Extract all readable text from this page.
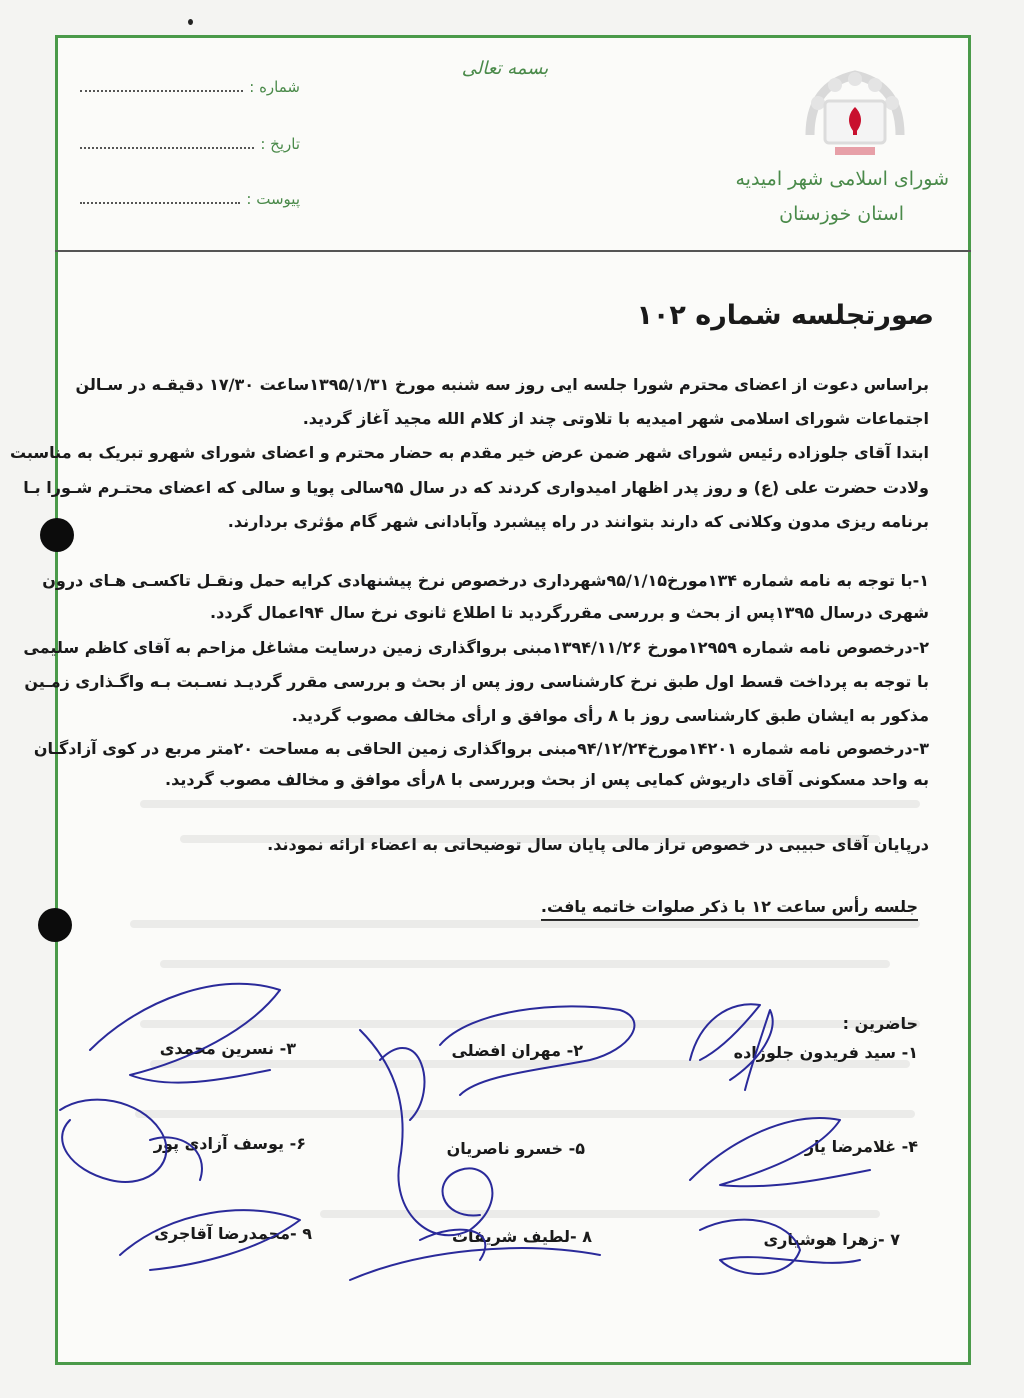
شماره :
تاریخ :
پیوست :
بسمه تعالی
شورای اسلامی شهر امیدیه
استان خوزستان
صورتجلسه شماره ۱۰۲
براساس دعوت از اعضای محترم شورا جلسه ایی روز سه شنبه مورخ ۱۳۹۵/۱/۳۱ساعت ۱۷/۳۰ دقیقـه در سـالن
اجتماعات شورای اسلامی شهر امیدیه با تلاوتی چند از کلام الله مجید آغاز گردید.
ابتدا آقای جلوزاده رئیس شورای شهر ضمن عرض خیر مقدم به حضار محترم و اعضای شورای شهرو تبریک به مناسبت
ولادت حضرت علی (ع) و روز پدر اظهار امیدواری کردند که در سال ۹۵سالی پویا و سالی که اعضای محتـرم شـورا بـا
برنامه ریزی مدون وکلانی که دارند بتوانند در راه پیشبرد وآبادانی شهر گام مؤثری بردارند.
۱-با توجه به نامه شماره ۱۳۴مورخ۹۵/۱/۱۵شهرداری درخصوص نرخ پیشنهادی کرایه حمل ونقـل تاکسـی هـای درون
شهری درسال ۱۳۹۵پس از بحث و بررسی مقررگردید تا اطلاع ثانوی نرخ سال ۹۴اعمال گردد.
۲-درخصوص نامه شماره ۱۲۹۵۹مورخ ۱۳۹۴/۱۱/۲۶مبنی برواگذاری زمین درسایت مشاغل مزاحم به آقای کاظم سلیمی
با توجه به پرداخت قسط اول طبق نرخ کارشناسی روز پس از بحث و بررسی مقرر گردیـد نسـبت بـه واگـذاری زمـین
مذکور به ایشان طبق کارشناسی روز با ۸ رأی موافق و ارأی مخالف مصوب گردید.
۳-درخصوص نامه شماره ۱۴۲۰۱مورخ۹۴/۱۲/۲۴مبنی برواگذاری زمین الحاقی به مساحت ۲۰متر مربع در کوی آزادگـان
به واحد مسکونی آقای داریوش کمایی پس از بحث وبررسی با ۸رأی موافق و مخالف مصوب گردید.
درپایان آقای حبیبی در خصوص تراز مالی پایان سال توضیحاتی به اعضاء ارائه نمودند.
جلسه رأس ساعت ۱۲ با ذکر صلوات خاتمه یافت.
حاضرین :
۱- سید فریدون جلوزاده
۲- مهران افضلی
۳- نسرین محمدی
۴- غلامرضا یار
۵- خسرو ناصریان
۶- یوسف آزادی پور
۷ -زهرا هوشیاری
۸ -لطیف شریفات
۹ -محمدرضا آقاجری
